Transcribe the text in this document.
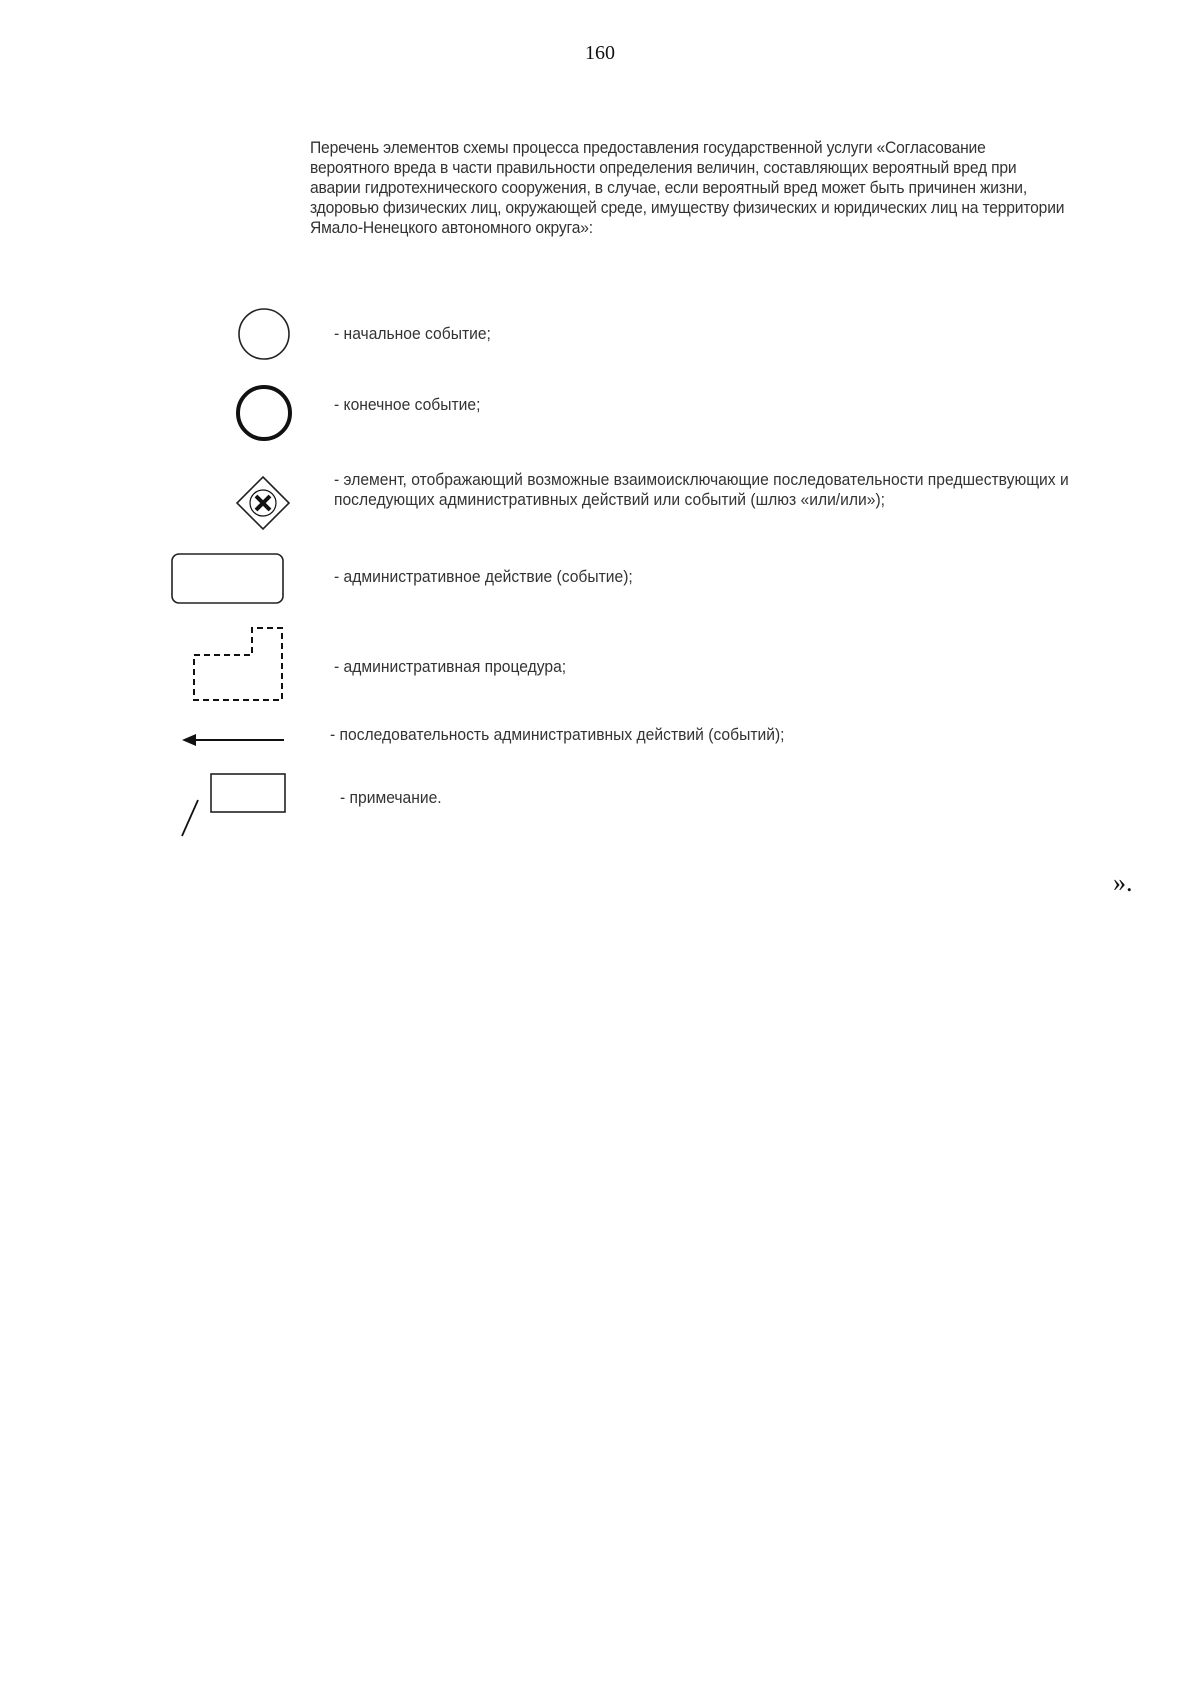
160
Перечень элементов схемы процесса предоставления государственной услуги «Согласование вероятного вреда в части правильности определения величин, составляющих вероятный вред при аварии гидротехнического сооружения, в случае, если вероятный вред может быть причинен жизни, здоровью физических лиц, окружающей среде, имуществу физических и юридических лиц на территории Ямало-Ненецкого автономного округа»:
- начальное событие;
- конечное событие;
- элемент, отображающий возможные взаимоисключающие последовательности предшествующих и последующих административных действий или событий (шлюз «или/или»);
- административное действие (событие);
- административная процедура;
- последовательность административных действий (событий);
- примечание.
».
